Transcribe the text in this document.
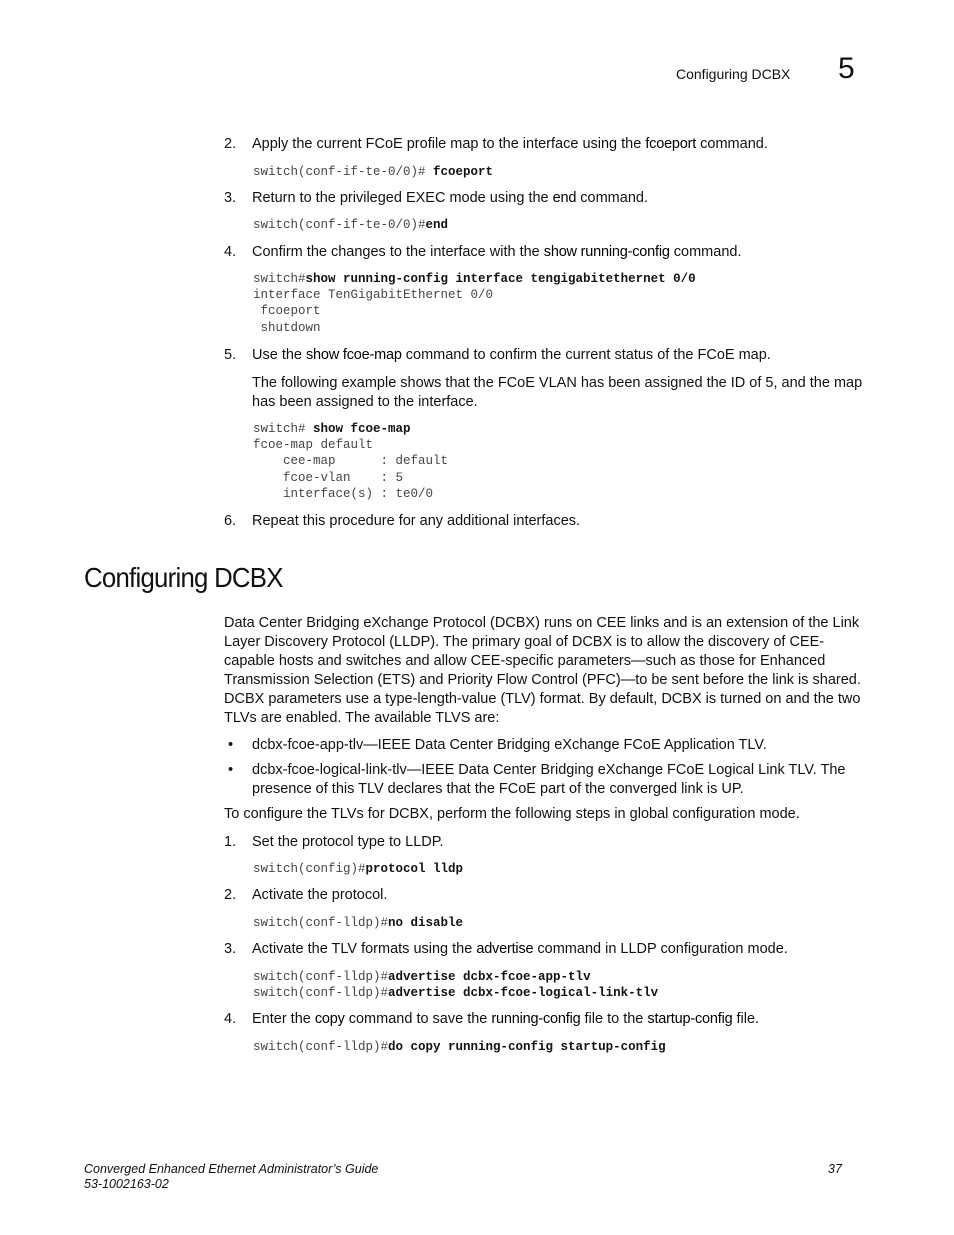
Configuring DCBX 5
2. Apply the current FCoE profile map to the interface using the fcoeport command.
switch(conf-if-te-0/0)# fcoeport
3. Return to the privileged EXEC mode using the end command.
switch(conf-if-te-0/0)#end
4. Confirm the changes to the interface with the show running-config command.
switch#show running-config interface tengigabitethernet 0/0
interface TenGigabitEthernet 0/0
fcoeport
shutdown
5. Use the show fcoe-map command to confirm the current status of the FCoE map.
The following example shows that the FCoE VLAN has been assigned the ID of 5, and the map has been assigned to the interface.
switch# show fcoe-map
fcoe-map default
cee-map      : default
fcoe-vlan    : 5
interface(s) : te0/0
6. Repeat this procedure for any additional interfaces.
Configuring DCBX
Data Center Bridging eXchange Protocol (DCBX) runs on CEE links and is an extension of the Link Layer Discovery Protocol (LLDP). The primary goal of DCBX is to allow the discovery of CEE-capable hosts and switches and allow CEE-specific parameters—such as those for Enhanced Transmission Selection (ETS) and Priority Flow Control (PFC)—to be sent before the link is shared. DCBX parameters use a type-length-value (TLV) format. By default, DCBX is turned on and the two TLVs are enabled. The available TLVS are:
• dcbx-fcoe-app-tlv—IEEE Data Center Bridging eXchange FCoE Application TLV.
• dcbx-fcoe-logical-link-tlv—IEEE Data Center Bridging eXchange FCoE Logical Link TLV. The presence of this TLV declares that the FCoE part of the converged link is UP.
To configure the TLVs for DCBX, perform the following steps in global configuration mode.
1. Set the protocol type to LLDP.
switch(config)#protocol lldp
2. Activate the protocol.
switch(conf-lldp)#no disable
3. Activate the TLV formats using the advertise command in LLDP configuration mode.
switch(conf-lldp)#advertise dcbx-fcoe-app-tlv
switch(conf-lldp)#advertise dcbx-fcoe-logical-link-tlv
4. Enter the copy command to save the running-config file to the startup-config file.
switch(conf-lldp)#do copy running-config startup-config
Converged Enhanced Ethernet Administrator’s Guide
53-1002163-02
37
